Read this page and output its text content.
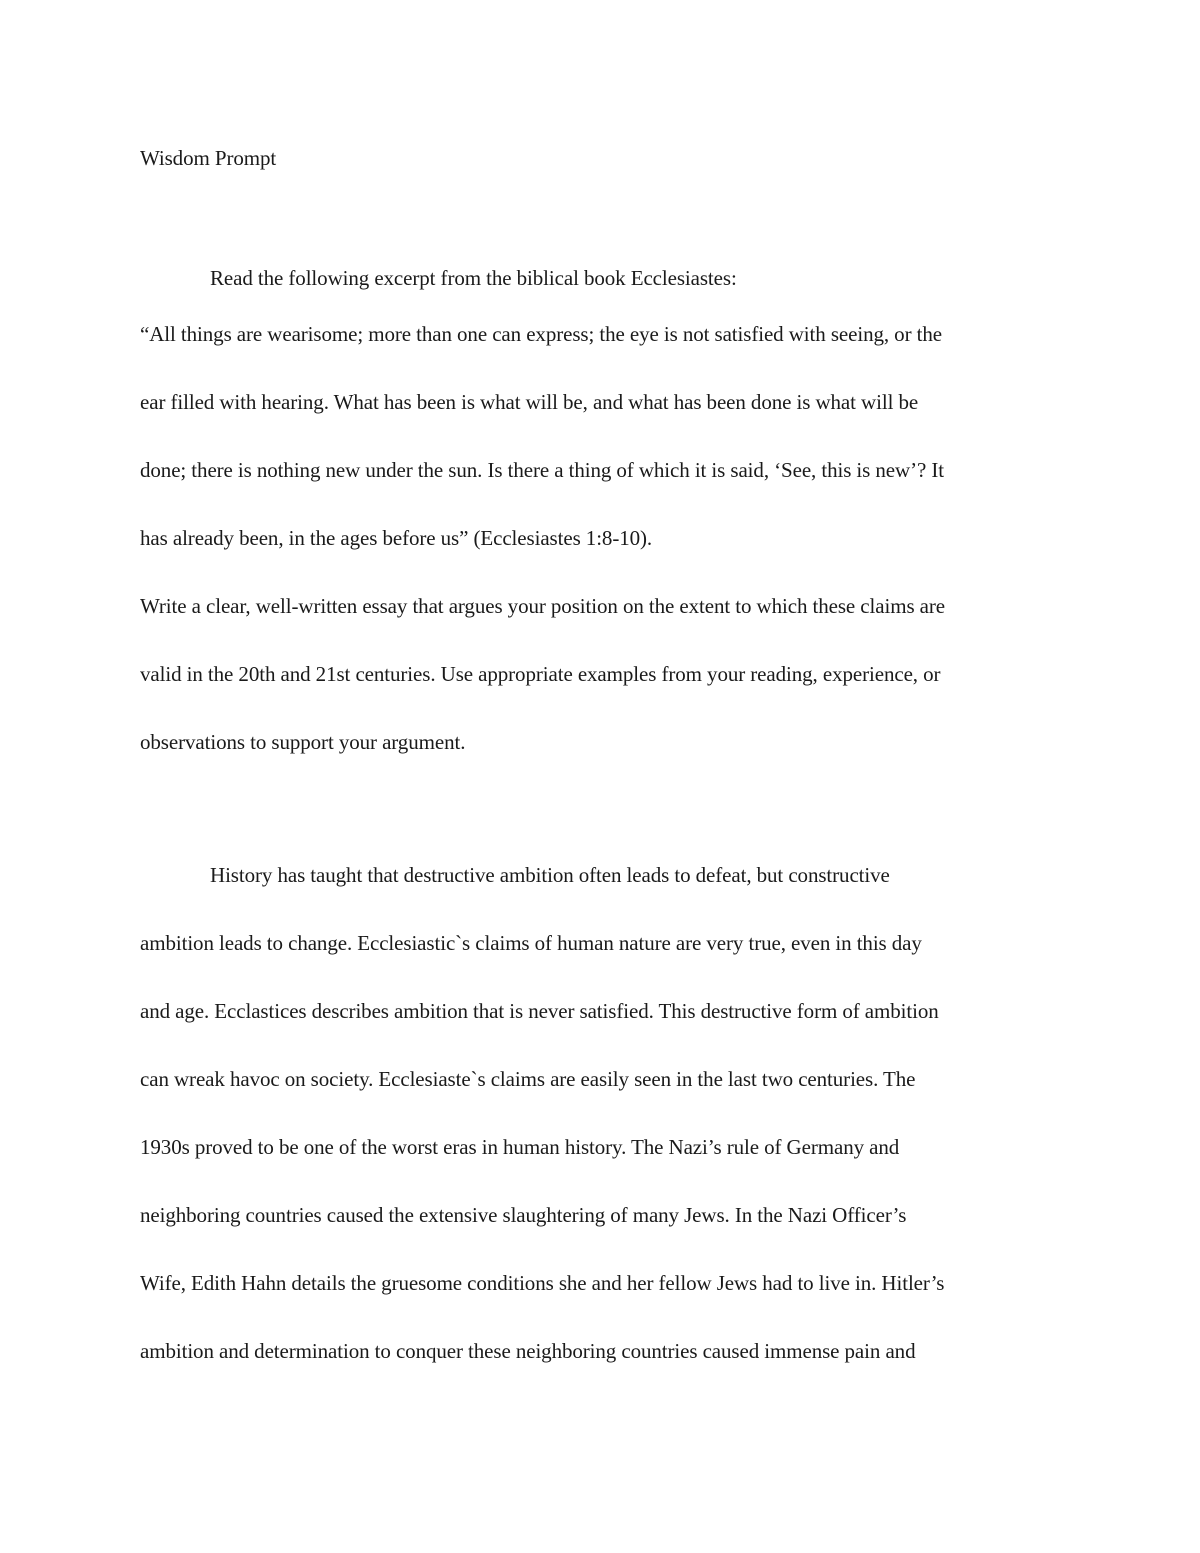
Wisdom Prompt
Read the following excerpt from the biblical book Ecclesiastes:
“All things are wearisome; more than one can express; the eye is not satisfied with seeing, or the
ear filled with hearing. What has been is what will be, and what has been done is what will be
done; there is nothing new under the sun. Is there a thing of which it is said, ‘See, this is new’? It
has already been, in the ages before us” (Ecclesiastes 1:8-10).
Write a clear, well-written essay that argues your position on the extent to which these claims are
valid in the 20th and 21st centuries. Use appropriate examples from your reading, experience, or
observations to support your argument.
History has taught that destructive ambition often leads to defeat, but constructive
ambition leads to change. Ecclesiastic`s claims of human nature are very true, even in this day
and age. Ecclastices describes ambition that is never satisfied. This destructive form of ambition
can wreak havoc on society. Ecclesiaste`s claims are easily seen in the last two centuries. The
1930s proved to be one of the worst eras in human history. The Nazi’s rule of Germany and
neighboring countries caused the extensive slaughtering of many Jews. In the Nazi Officer’s
Wife, Edith Hahn details the gruesome conditions she and her fellow Jews had to live in. Hitler’s
ambition and determination to conquer these neighboring countries caused immense pain and
